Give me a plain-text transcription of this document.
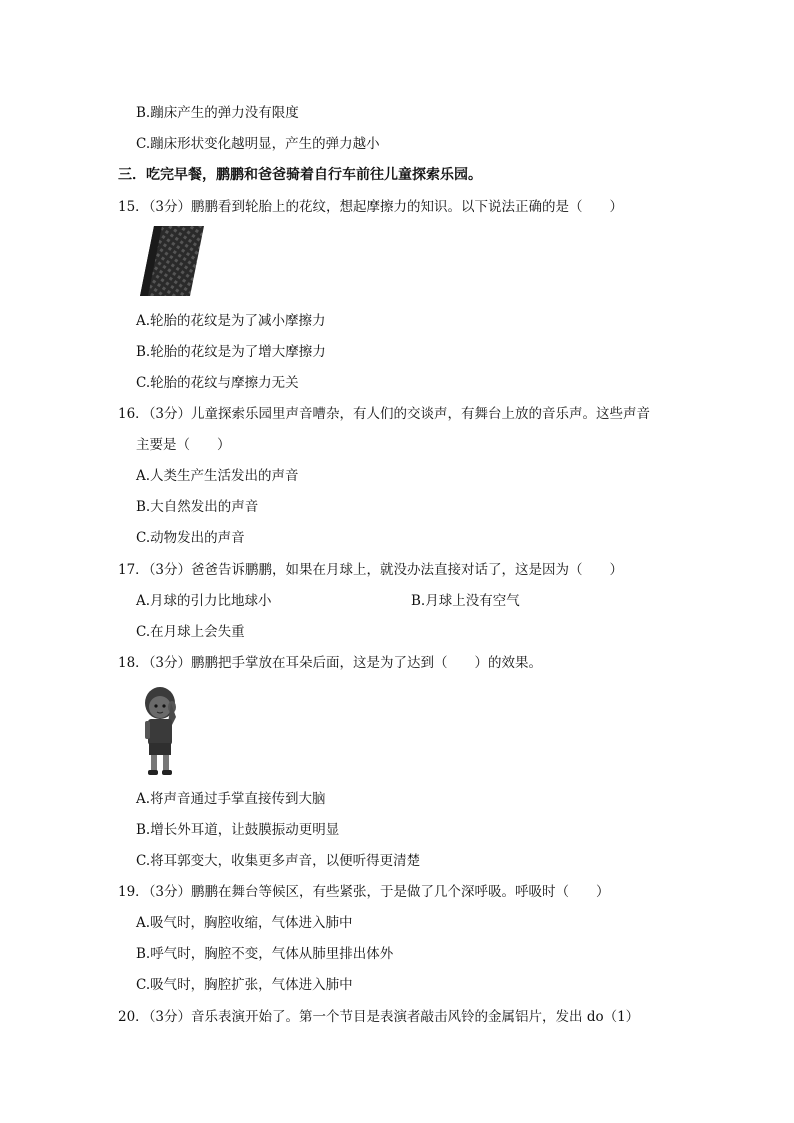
B.蹦床产生的弹力没有限度
C.蹦床形状变化越明显，产生的弹力越小
三．吃完早餐，鹏鹏和爸爸骑着自行车前往儿童探索乐园。
15．（3分）鹏鹏看到轮胎上的花纹，想起摩擦力的知识。以下说法正确的是（　　）
A.轮胎的花纹是为了减小摩擦力
B.轮胎的花纹是为了增大摩擦力
C.轮胎的花纹与摩擦力无关
16．（3分）儿童探索乐园里声音嘈杂，有人们的交谈声，有舞台上放的音乐声。这些声音
主要是（　　）
A.人类生产生活发出的声音
B.大自然发出的声音
C.动物发出的声音
17．（3分）爸爸告诉鹏鹏，如果在月球上，就没办法直接对话了，这是因为（　　）
A.月球的引力比地球小	B.月球上没有空气
C.在月球上会失重
18．（3分）鹏鹏把手掌放在耳朵后面，这是为了达到（　　）的效果。
A.将声音通过手掌直接传到大脑
B.增长外耳道，让鼓膜振动更明显
C.将耳郭变大，收集更多声音，以便听得更清楚
19．（3分）鹏鹏在舞台等候区，有些紧张，于是做了几个深呼吸。呼吸时（　　）
A.吸气时，胸腔收缩，气体进入肺中
B.呼气时，胸腔不变，气体从肺里排出体外
C.吸气时，胸腔扩张，气体进入肺中
20．（3分）音乐表演开始了。第一个节目是表演者敲击风铃的金属铝片，发出 do（1）
